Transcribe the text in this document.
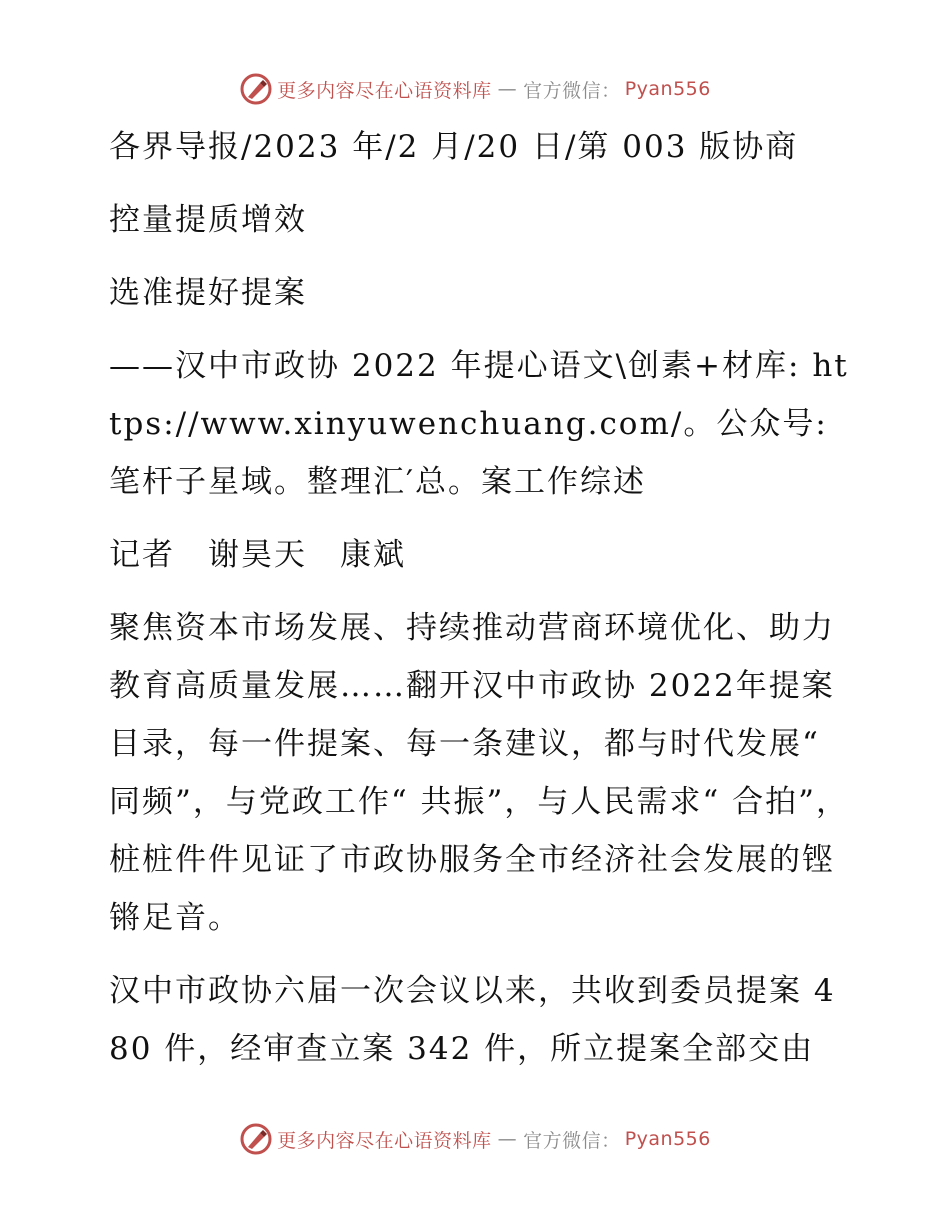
更多内容尽在心语资料库 — 官方微信： Pyan556

各界导报/2023 年/2 月/20 日/第 003 版协商

控量提质增效

选准提好提案

——汉中市政协 2022 年提心语文\创素+材库: https://www.xinyuwenchuang.com/。公众号: 笔杆子星域。整理汇′总。案工作综述

记者　谢昊天　康斌

聚焦资本市场发展、持续推动营商环境优化、助力教育高质量发展……翻开汉中市政协 2022年提案目录，每一件提案、每一条建议，都与时代发展“ 同频”，与党政工作“ 共振”，与人民需求“ 合拍”，桩桩件件见证了市政协服务全市经济社会发展的铿锵足音。

汉中市政协六届一次会议以来，共收到委员提案 480 件，经审查立案 342 件，所立提案全部交由

更多内容尽在心语资料库 — 官方微信： Pyan556
